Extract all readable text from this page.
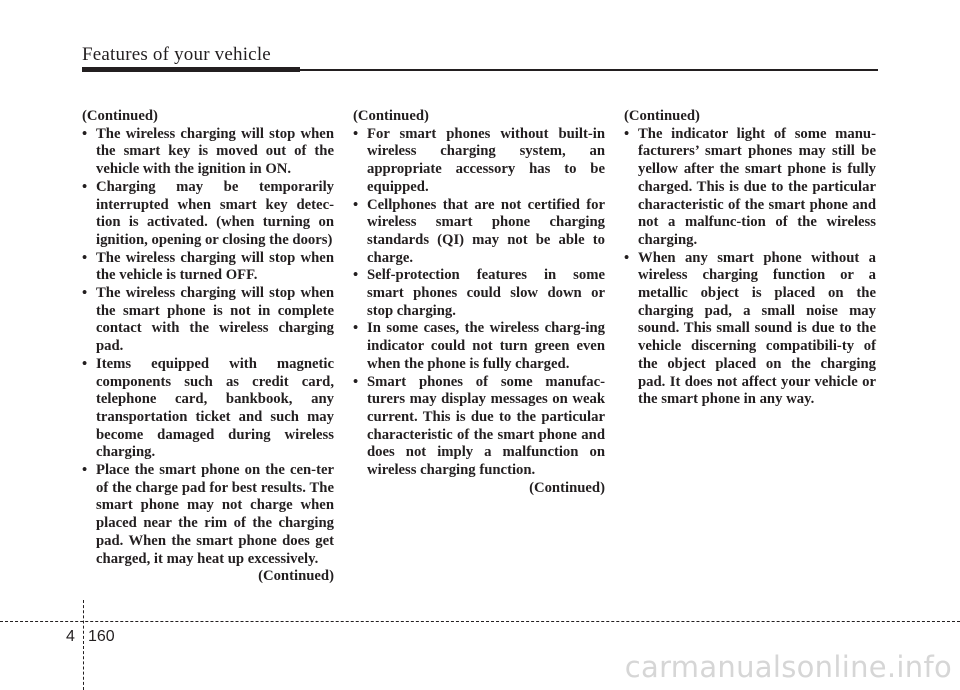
Features of your vehicle
(Continued)
• The wireless charging will stop when the smart key is moved out of the vehicle with the ignition in ON.
• Charging may be temporarily interrupted when smart key detec-tion is activated. (when turning on ignition, opening or closing the doors)
• The wireless charging will stop when the vehicle is turned OFF.
• The wireless charging will stop when the smart phone is not in complete contact with the wireless charging pad.
• Items equipped with magnetic components such as credit card, telephone card, bankbook, any transportation ticket and such may become damaged during wireless charging.
• Place the smart phone on the cen-ter of the charge pad for best results. The smart phone may not charge when placed near the rim of the charging pad. When the smart phone does get charged, it may heat up excessively.
(Continued)
(Continued)
• For smart phones without built-in wireless charging system, an appropriate accessory has to be equipped.
• Cellphones that are not certified for wireless smart phone charging standards (QI) may not be able to charge.
• Self-protection features in some smart phones could slow down or stop charging.
• In some cases, the wireless charg-ing indicator could not turn green even when the phone is fully charged.
• Smart phones of some manufac-turers may display messages on weak current. This is due to the particular characteristic of the smart phone and does not imply a malfunction on wireless charging function.
(Continued)
(Continued)
• The indicator light of some manu-facturers’ smart phones may still be yellow after the smart phone is fully charged. This is due to the particular characteristic of the smart phone and not a malfunc-tion of the wireless charging.
• When any smart phone without a wireless charging function or a metallic object is placed on the charging pad, a small noise may sound. This small sound is due to the vehicle discerning compatibili-ty of the object placed on the charging pad. It does not affect your vehicle or the smart phone in any way.
4 160
carmanualsonline.info
